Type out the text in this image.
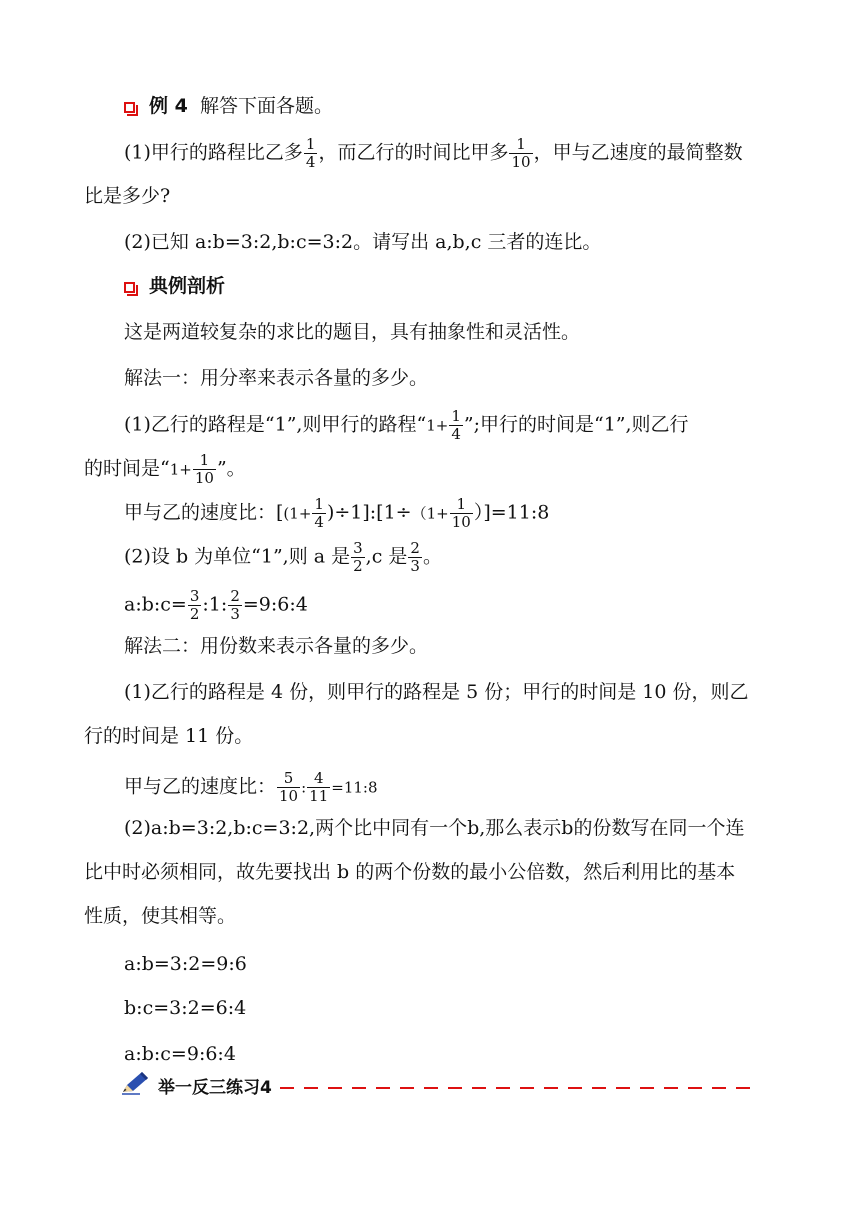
例 4 解答下面各题。
(1)甲行的路程比乙多 $\frac{1}{4}$ ，而乙行的时间比甲多 $\frac{1}{10}$ ，甲与乙速度的最简整数
比是多少?
(2)已知 a:b=3:2,b:c=3:2。请写出 a,b,c 三者的连比。
典例剖析
这是两道较复杂的求比的题目，具有抽象性和灵活性。
解法一：用分率来表示各量的多少。
(1)乙行的路程是“1”,则甲行的路程“$1+ \frac{1}{4}$ ”;甲行的时间是“1”,则乙行
的时间是“$1+ \frac{1}{10}$ ”。
甲与乙的速度比：[($1+ \frac{1}{4}$ )÷1]:[1÷（1+ $\frac{1}{10}$ ）]=11:8
(2)设 b 为单位“1”,则 a 是 $\frac{3}{2} ,c$ 是 $\frac{2}{3}$ 。
a:b:c= $\frac{3}{2}$ :1: $\frac{2}{3}$ =9:6:4
解法二：用份数来表示各量的多少。
(1)乙行的路程是 4 份，则甲行的路程是 5 份；甲行的时间是 10 份，则乙
行的时间是 11 份。
甲与乙的速度比： $\frac{5}{10}$ : $\frac{4}{11}$ =11:8
(2)a:b=3:2,b:c=3:2,两个比中同有一个b,那么表示b的份数写在同一个连
比中时必须相同，故先要找出 b 的两个份数的最小公倍数，然后利用比的基本
性质，使其相等。
a:b=3:2=9:6
b:c=3:2=6:4
a:b:c=9:6:4
举一反三练习4
